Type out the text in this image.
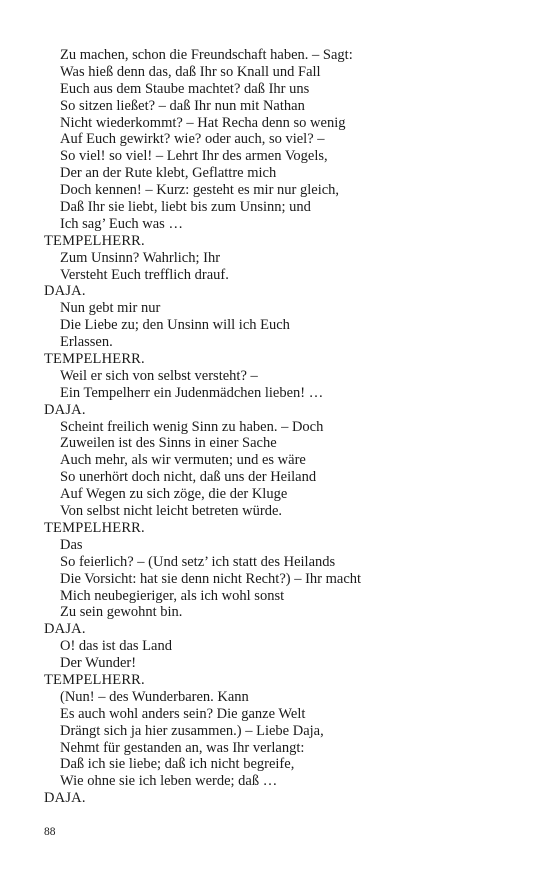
Zu machen, schon die Freundschaft haben. – Sagt:
Was hieß denn das, daß Ihr so Knall und Fall
Euch aus dem Staube machtet? daß Ihr uns
So sitzen ließet? – daß Ihr nun mit Nathan
Nicht wiederkommt? – Hat Recha denn so wenig
Auf Euch gewirkt? wie? oder auch, so viel? –
So viel! so viel! – Lehrt Ihr des armen Vogels,
Der an der Rute klebt, Geflattre mich
Doch kennen! – Kurz: gesteht es mir nur gleich,
Daß Ihr sie liebt, liebt bis zum Unsinn; und
Ich sag’ Euch was …
TEMPELHERR.
Zum Unsinn? Wahrlich; Ihr
Versteht Euch trefflich drauf.
DAJA.
Nun gebt mir nur
Die Liebe zu; den Unsinn will ich Euch
Erlassen.
TEMPELHERR.
Weil er sich von selbst versteht? –
Ein Tempelherr ein Judenmädchen lieben! …
DAJA.
Scheint freilich wenig Sinn zu haben. – Doch
Zuweilen ist des Sinns in einer Sache
Auch mehr, als wir vermuten; und es wäre
So unerhört doch nicht, daß uns der Heiland
Auf Wegen zu sich zöge, die der Kluge
Von selbst nicht leicht betreten würde.
TEMPELHERR.
Das
So feierlich? – (Und setz’ ich statt des Heilands
Die Vorsicht: hat sie denn nicht Recht?) – Ihr macht
Mich neubegieriger, als ich wohl sonst
Zu sein gewohnt bin.
DAJA.
O! das ist das Land
Der Wunder!
TEMPELHERR.
(Nun! – des Wunderbaren. Kann
Es auch wohl anders sein? Die ganze Welt
Drängt sich ja hier zusammen.) – Liebe Daja,
Nehmt für gestanden an, was Ihr verlangt:
Daß ich sie liebe; daß ich nicht begreife,
Wie ohne sie ich leben werde; daß …
DAJA.
88
